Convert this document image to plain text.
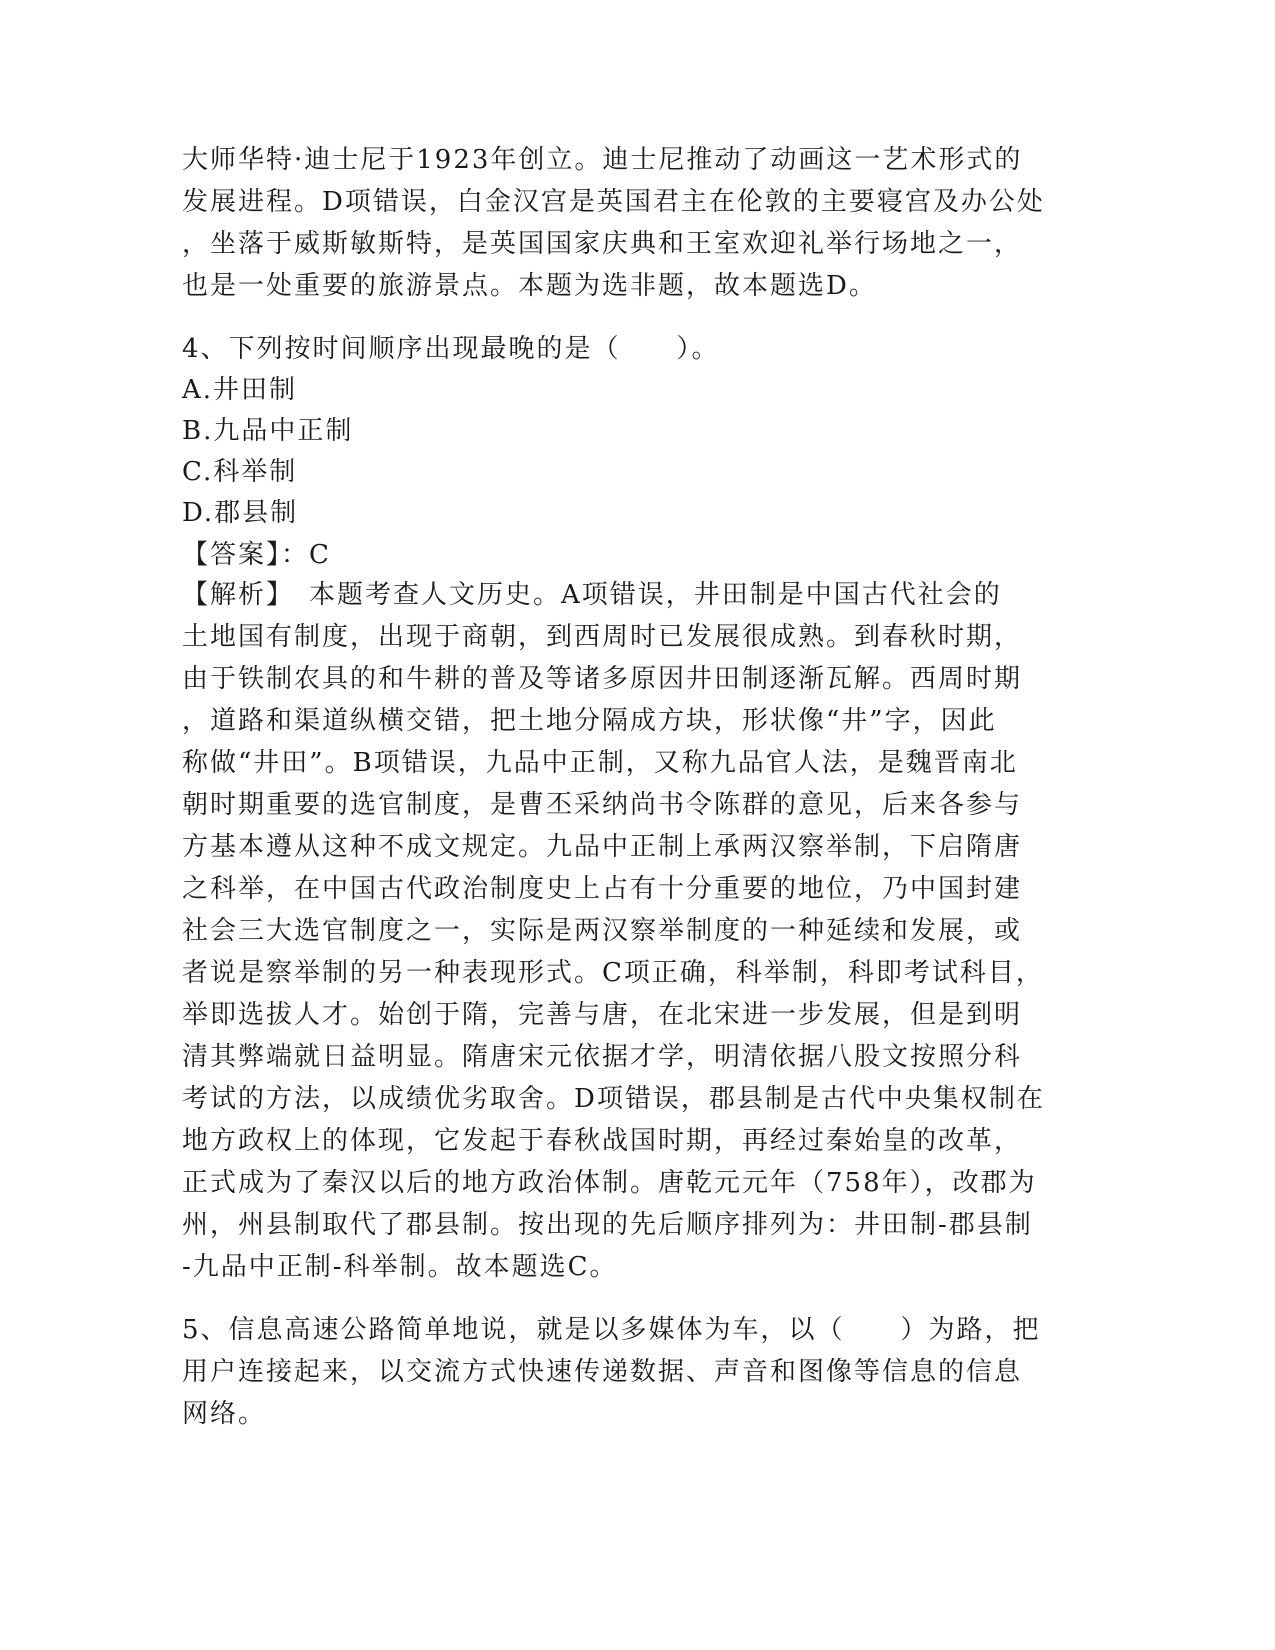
大师华特·迪士尼于1923年创立。迪士尼推动了动画这一艺术形式的
发展进程。D项错误，白金汉宫是英国君主在伦敦的主要寝宫及办公处
，坐落于威斯敏斯特，是英国国家庆典和王室欢迎礼举行场地之一，
也是一处重要的旅游景点。本题为选非题，故本题选D。
4、下列按时间顺序出现最晚的是（　　）。
A.井田制
B.九品中正制
C.科举制
D.郡县制
【答案】：C
【解析】　本题考查人文历史。A项错误，井田制是中国古代社会的
土地国有制度，出现于商朝，到西周时已发展很成熟。到春秋时期，
由于铁制农具的和牛耕的普及等诸多原因井田制逐渐瓦解。西周时期
，道路和渠道纵横交错，把土地分隔成方块，形状像“井”字，因此
称做“井田”。B项错误，九品中正制，又称九品官人法，是魏晋南北
朝时期重要的选官制度，是曹丕采纳尚书令陈群的意见，后来各参与
方基本遵从这种不成文规定。九品中正制上承两汉察举制，下启隋唐
之科举，在中国古代政治制度史上占有十分重要的地位，乃中国封建
社会三大选官制度之一，实际是两汉察举制度的一种延续和发展，或
者说是察举制的另一种表现形式。C项正确，科举制，科即考试科目，
举即选拔人才。始创于隋，完善与唐，在北宋进一步发展，但是到明
清其弊端就日益明显。隋唐宋元依据才学，明清依据八股文按照分科
考试的方法，以成绩优劣取舍。D项错误，郡县制是古代中央集权制在
地方政权上的体现，它发起于春秋战国时期，再经过秦始皇的改革，
正式成为了秦汉以后的地方政治体制。唐乾元元年（758年），改郡为
州，州县制取代了郡县制。按出现的先后顺序排列为：井田制-郡县制
-九品中正制-科举制。故本题选C。
5、信息高速公路简单地说，就是以多媒体为车，以（　　）为路，把
用户连接起来，以交流方式快速传递数据、声音和图像等信息的信息
网络。
